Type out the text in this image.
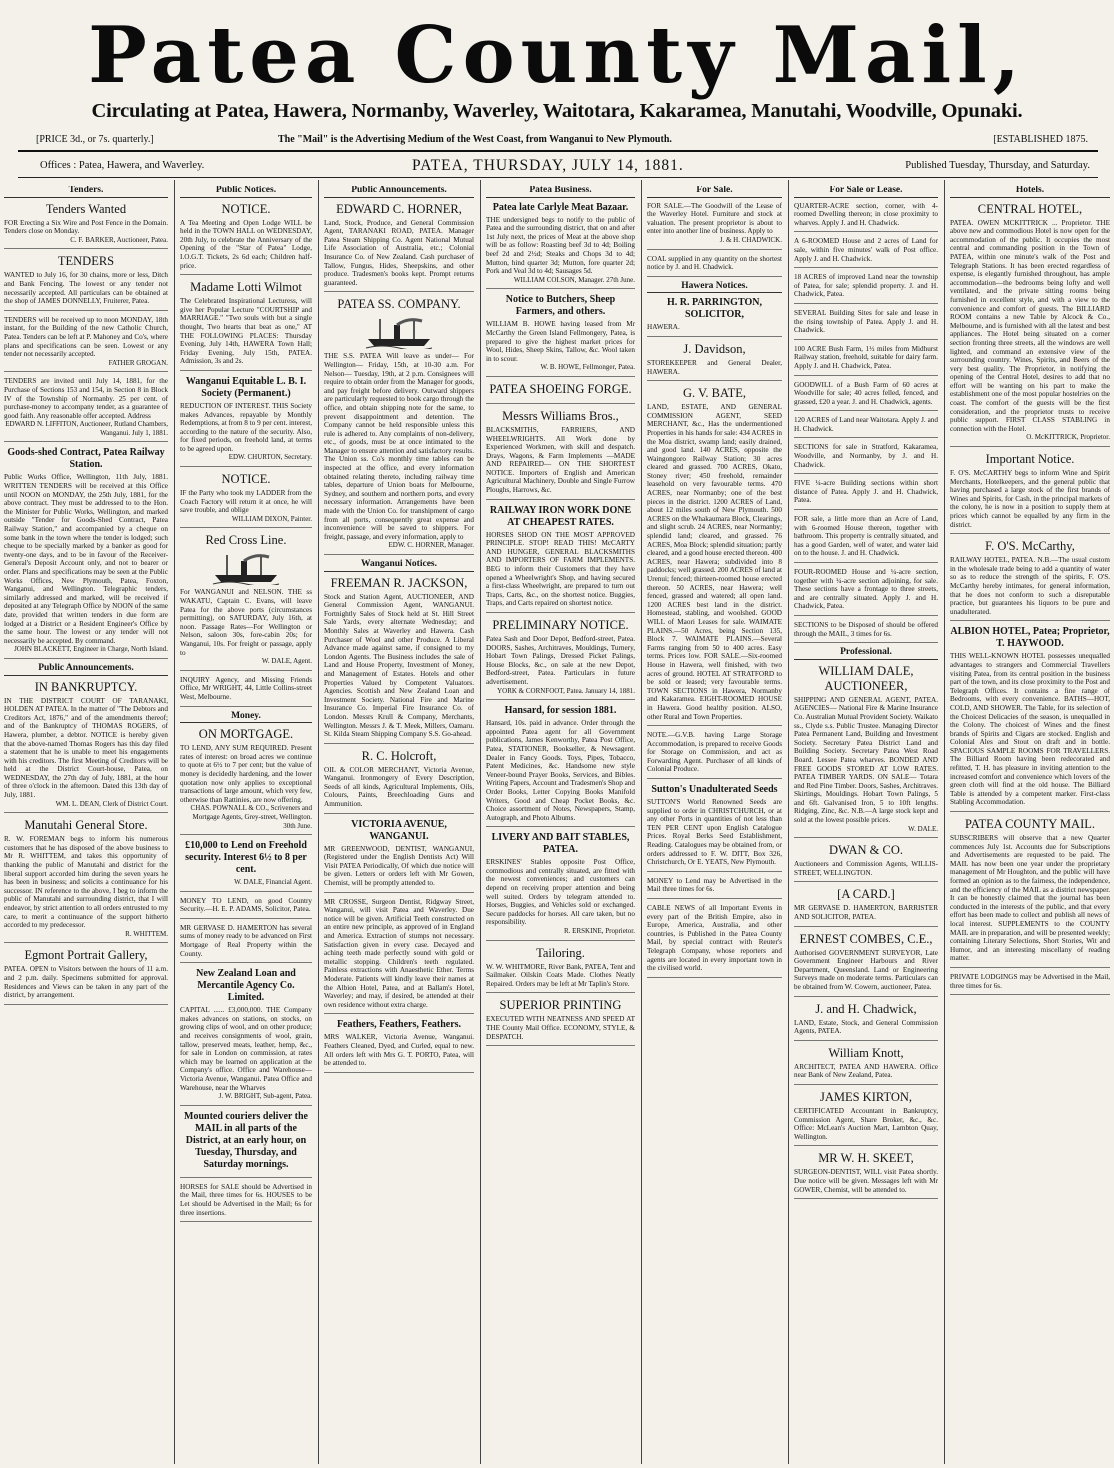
Patea County Mail,
Circulating at Patea, Hawera, Normanby, Waverley, Waitotara, Kakaramea, Manutahi, Woodville, Opunaki.
[PRICE 3d., or 7s. quarterly.]	The "Mail" is the Advertising Medium of the West Coast, from Wanganui to New Plymouth.	[ESTABLISHED 1875.
Offices : Patea, Hawera, and Waverley.	PATEA, THURSDAY, JULY 14, 1881.	Published Tuesday, Thursday, and Saturday.
Tenders.
Tenders Wanted
FOR Erecting a Six Wire and Post Fence in the Domain. Tenders close on Monday.
C. F. BARKER, Auctioneer, Patea.
TENDERS
WANTED to July 16, for 30 chains, more or less, Ditch and Bank Fencing. The lowest or any tender not necessarily accepted. All particulars can be obtained at the shop of JAMES DONNELLY, Fruiterer, Patea.
TENDERS will be received up to noon MONDAY, 18th instant, for the Building of the new Catholic Church, Patea. Tenders can be left at P. Mahoney and Co's, where plans and specifications can be seen. Lowest or any tender not necessarily accepted.
FATHER GROGAN.
TENDERS are invited until July 14, 1881, for the Purchase of Sections 153 and 154, in Section 8 in Block IV of the Township of Normanby. 25 per cent. of purchase-money to accompany tender, as a guarantee of good faith. Any reasonable offer accepted. Address
EDWARD N. LIFFITON, Auctioneer, Rutland Chambers, Wanganui. July 1, 1881.
Goods-shed Contract, Patea Railway Station.
Public Works Office, Wellington, 11th July, 1881. WRITTEN TENDERS will be received at this Office until NOON on MONDAY, the 25th July, 1881, for the above contract. They must be addressed to to the Hon. the Minister for Public Works, Wellington, and marked outside "Tender for Goods-Shed Contract, Patea Railway Station," and accompanied by a cheque on some bank in the town where the tender is lodged; such cheque to be specially marked by a banker as good for twenty-one days, and to be in favour of the Receiver-General's Deposit Account only, and not to bearer or order. Plans and specifications may be seen at the Public Works Offices, New Plymouth, Patea, Foxton, Wanganui, and Wellington. Telegraphic tenders, similarly addressed and marked, will be received if deposited at any Telegraph Office by NOON of the same date, provided that written tenders in due form are lodged at a District or a Resident Engineer's Office by the same hour. The lowest or any tender will not necessarily be accepted. By command.
JOHN BLACKETT, Engineer in Charge, North Island.
Public Announcements.
IN BANKRUPTCY.
IN THE DISTRICT COURT OF TARANAKI, HOLDEN AT PATEA. In the matter of "The Debtors and Creditors Act, 1876," and of the amendments thereof; and of the Bankruptcy of THOMAS ROGERS, of Hawera, plumber, a debtor. NOTICE is hereby given that the above-named Thomas Rogers has this day filed a statement that he is unable to meet his engagements with his creditors. The first Meeting of Creditors will be held at the District Court-house, Patea, on WEDNESDAY, the 27th day of July, 1881, at the hour of three o'clock in the afternoon. Dated this 13th day of July, 1881.
WM. L. DEAN, Clerk of District Court.
Manutahi General Store.
R. W. FOREMAN begs to inform his numerous customers that he has disposed of the above business to Mr R. WHITTEM, and takes this opportunity of thanking the public of Manutahi and district for the liberal support accorded him during the seven years he has been in business; and solicits a continuance for his successor. IN reference to the above, I beg to inform the public of Manutahi and surrounding district, that I will endeavor, by strict attention to all orders entrusted to my care, to merit a continuance of the support hitherto accorded to my predecessor.
R. WHITTEM.
Egmont Portrait Gallery,
PATEA. OPEN to Visitors between the hours of 11 a.m. and 2 p.m. daily. Specimens submitted for approval. Residences and Views can be taken in any part of the district, by arrangement.
Public Notices.
NOTICE.
A Tea Meeting and Open Lodge WILL be held in the TOWN HALL on WEDNESDAY, 20th July, to celebrate the Anniversary of the Opening of the "Star of Patea" Lodge, I.O.G.T. Tickets, 2s 6d each; Children half-price.
Madame Lotti Wilmot
The Celebrated Inspirational Lecturess, will give her Popular Lecture "COURTSHIP and MARRIAGE." "Two souls with but a single thought, Two hearts that beat as one," AT THE FOLLOWING PLACES: Thursday Evening, July 14th, HAWERA Town Hall; Friday Evening, July 15th, PATEA. Admission, 3s and 2s.
Wanganui Equitable L. B. I. Society (Permanent.)
REDUCTION OF INTEREST. THIS Society makes Advances, repayable by Monthly Redemptions, at from 8 to 9 per cent. interest, according to the nature of the security. Also, for fixed periods, on freehold land, at terms to be agreed upon.
EDW. CHURTON, Secretary.
NOTICE.
IF the Party who took my LADDER from the Coach Factory will return it at once, he will save trouble, and oblige
WILLIAM DIXON, Painter.
Red Cross Line.
For WANGANUI and NELSON. THE ss WAKATU, Captain C. Evans, will leave Patea for the above ports (circumstances permitting), on SATURDAY, July 16th, at noon. Passage Rates—For Wellington or Nelson, saloon 30s, fore-cabin 20s; for Wanganui, 10s. For freight or passage, apply to
W. DALE, Agent.
INQUIRY Agency, and Missing Friends Office, Mr WRIGHT, 44, Little Collins-street West, Melbourne.
Money.
ON MORTGAGE.
TO LEND, ANY SUM REQUIRED. Present rates of interest: on broad acres we continue to quote at 6½ to 7 per cent; but the value of money is decidedly hardening, and the lower quotation now only applies to exceptional transactions of large amount, which very few, otherwise than Rattinies, are now offering.
CHAS. POWNALL & CO., Scriveners and Mortgage Agents, Grey-street, Wellington. 30th June.
£10,000 to Lend on Freehold security. Interest 6½ to 8 per cent.
W. DALE, Financial Agent.
MONEY TO LEND, on good Country Security.—H. E. P. ADAMS, Solicitor, Patea.
MR GERVASE D. HAMERTON has several sums of money ready to be advanced on First Mortgage of Real Property within the County.
New Zealand Loan and Mercantile Agency Co. Limited.
CAPITAL ...... £3,000,000. THE Company makes advances on stations, on stocks, on growing clips of wool, and on other produce; and receives consignments of wool, grain, tallow, preserved meats, leather, hemp, &c., for sale in London on commission, at rates which may be learned on application at the Company's office. Office and Warehouse—Victoria Avenue, Wanganui. Patea Office and Warehouse, near the Wharves
J. W. BRIGHT, Sub-agent, Patea.
Mounted couriers deliver the MAIL in all parts of the District, at an early hour, on Tuesday, Thursday, and Saturday mornings.
HORSES for SALE should be Advertised in the Mail, three times for 6s. HOUSES to be Let should be Advertised in the Mail; 6s for three insertions.
Public Announcements.
EDWARD C. HORNER,
Land, Stock, Produce, and General Commission Agent, TARANAKI ROAD, PATEA. Manager Patea Steam Shipping Co. Agent National Mutual Life Association of Australia, etc.; Colonial Insurance Co. of New Zealand. Cash purchaser of Tallow, Fungus, Hides, Sheepskins, and other produce. Tradesmen's books kept. Prompt returns guaranteed.
PATEA SS. COMPANY.
THE S.S. PATEA Will leave as under— For Wellington— Friday, 15th, at 10-30 a.m. For Nelson— Tuesday, 19th, at 2 p.m. Consignees will require to obtain order from the Manager for goods, and pay freight before delivery. Outward shippers are particularly requested to book cargo through the office, and obtain shipping note for the same, to prevent disappointment and detention. The Company cannot be held responsible unless this rule is adhered to. Any complaints of non-delivery, etc., of goods, must be at once intimated to the Manager to ensure attention and satisfactory results. The Union ss. Co's monthly time tables can be inspected at the office, and every information obtained relating thereto, including railway time tables, departure of Union boats for Melbourne, Sydney, and southern and northern ports, and every necessary information. Arrangements have been made with the Union Co. for transhipment of cargo from all ports, consequently great expense and inconvenience will be saved to shippers. For freight, passage, and every information, apply to
EDW. C. HORNER, Manager.
Wanganui Notices.
FREEMAN R. JACKSON,
Stock and Station Agent, AUCTIONEER, AND General Commission Agent, WANGANUI. Fortnightly Sales of Stock held at St. Hill Street Sale Yards, every alternate Wednesday; and Monthly Sales at Waverley and Hawera. Cash Purchaser of Wool and other Produce. A Liberal Advance made against same, if consigned to my London Agents. The Business includes the sale of Land and House Property, Investment of Money, and Management of Estates. Hotels and other Properties Valued by Competent Valuators. Agencies. Scottish and New Zealand Loan and Investment Society. National Fire and Marine Insurance Co. Imperial Fire Insurance Co. of London. Messrs Krull & Company, Merchants, Wellington. Messrs J. & T. Meek, Millers, Oamaru. St. Kilda Steam Shipping Company S.S. Go-ahead.
R. C. Holcroft,
OIL & COLOR MERCHANT, Victoria Avenue, Wanganui. Ironmongery of Every Description, Seeds of all kinds, Agricultural Implements, Oils, Colours, Paints, Breechloading Guns and Ammunition.
VICTORIA AVENUE, WANGANUI.
MR GREENWOOD, DENTIST, WANGANUI, (Registered under the English Dentists Act) Will Visit PATEA Periodically, Of which due notice will be given. Letters or orders left with Mr Gowen, Chemist, will be promptly attended to.
MR CROSSE, Surgeon Dentist, Ridgway Street, Wanganui, will visit Patea and Waverley. Due notice will be given. Artificial Teeth constructed on an entire new principle, as approved of in England and America. Extraction of stumps not necessary. Satisfaction given in every case. Decayed and aching teeth made perfectly sound with gold or metallic stopping. Children's teeth regulated. Painless extractions with Anaesthetic Ether. Terms Moderate. Patients will kindly leave their names at the Albion Hotel, Patea, and at Ballam's Hotel, Waverley; and may, if desired, be attended at their own residence without extra charge.
Feathers, Feathers, Feathers.
MRS WALKER, Victoria Avenue, Wanganui. Feathers Cleaned, Dyed, and Curled, equal to new. All orders left with Mrs G. T. PORTO, Patea, will be attended to.
Patea Business.
Patea late Carlyle Meat Bazaar.
THE undersigned begs to notify to the public of Patea and the surrounding district, that on and after 1st July next, the prices of Meat at the above shop will be as follow: Roasting beef 3d to 4d; Boiling beef 2d and 2½d; Steaks and Chops 3d to 4d; Mutton, hind quarter 3d; Mutton, fore quarter 2d; Pork and Veal 3d to 4d; Sausages 5d.
WILLIAM COLSON, Manager. 27th June.
Notice to Butchers, Sheep Farmers, and others.
WILLIAM B. HOWE having leased from Mr McCarthy the Green Island Fellmongery, Patea, is prepared to give the highest market prices for Wool, Hides, Sheep Skins, Tallow, &c. Wool taken in to scour.
W. B. HOWE, Fellmonger, Patea.
PATEA SHOEING FORGE.
Messrs Williams Bros.,
BLACKSMITHS, FARRIERS, AND WHEELWRIGHTS. All Work done by Experienced Workmen, with skill and despatch. Drays, Wagons, & Farm Implements —MADE AND REPAIRED— ON THE SHORTEST NOTICE. Importers of English and American Agricultural Machinery, Double and Single Furrow Ploughs, Harrows, &c.
RAILWAY IRON WORK DONE AT CHEAPEST RATES.
HORSES SHOD ON THE MOST APPROVED PRINCIPLE. STOP! READ THIS! McCARTY AND HUNGER, GENERAL BLACKSMITHS AND IMPORTERS OF FARM IMPLEMENTS. BEG to inform their Customers that they have opened a Wheelwright's Shop, and having secured a first-class Wheelwright, are prepared to turn out Traps, Carts, &c., on the shortest notice. Buggies, Traps, and Carts repaired on shortest notice.
PRELIMINARY NOTICE.
Patea Sash and Door Depot, Bedford-street, Patea. DOORS, Sashes, Architraves, Mouldings, Turnery, Hobart Town Palings, Dressed Picket Palings, House Blocks, &c., on sale at the new Depot, Bedford-street, Patea. Particulars in future advertisement.
YORK & CORNFOOT, Patea. January 14, 1881.
Hansard, for session 1881.
Hansard, 10s. paid in advance. Order through the appointed Patea agent for all Government publications, James Kenworthy, Patea Post Office, Patea, STATIONER, Bookseller, & Newsagent. Dealer in Fancy Goods. Toys, Pipes, Tobacco, Patent Medicines, &c. Handsome new style Veneer-bound Prayer Books, Services, and Bibles. Writing Papers, Account and Tradesmen's Shop and Order Books, Letter Copying Books Manifold Writers, Good and Cheap Pocket Books, &c. Choice assortment of Notes, Newspapers, Stamp, Autograph, and Photo Albums.
LIVERY AND BAIT STABLES, PATEA.
ERSKINES' Stables opposite Post Office, commodious and centrally situated, are fitted with the newest conveniences; and customers can depend on receiving proper attention and being well suited. Orders by telegram attended to. Horses, Buggies, and Vehicles sold or exchanged. Secure paddocks for horses. All care taken, but no responsibility.
R. ERSKINE, Proprietor.
Tailoring.
W. W. WHITMORE, River Bank, PATEA, Tent and Sailmaker. Oilskin Coats Made. Clothes Neatly Repaired. Orders may be left at Mr Taplin's Store.
SUPERIOR PRINTING
EXECUTED WITH NEATNESS AND SPEED AT THE County Mail Office. ECONOMY, STYLE, & DESPATCH.
For Sale.
FOR SALE.—The Goodwill of the Lease of the Waverley Hotel. Furniture and stock at valuation. The present proprietor is about to enter into another line of business. Apply to
J. & H. CHADWICK.
COAL supplied in any quantity on the shortest notice by J. and H. Chadwick.
Hawera Notices.
H. R. PARRINGTON, SOLICITOR,
HAWERA.
J. Davidson,
STOREKEEPER and General Dealer, HAWERA.
G. V. BATE,
LAND, ESTATE, AND GENERAL COMMISSION AGENT, SEED MERCHANT, &c., Has the undermentioned Properties in his hands for sale: 434 ACRES in the Moa district, swamp land; easily drained, and good land. 140 ACRES, opposite the Waingongoro Railway Station; 30 acres cleared and grassed. 700 ACRES, Okato, Stoney river; 450 freehold, remainder leasehold on very favourable terms. 470 ACRES, near Normanby; one of the best pieces in the district. 1200 ACRES of Land, about 12 miles south of New Plymouth. 500 ACRES on the Whakaumara Block, Clearings, and slight scrub. 24 ACRES, near Normanby; splendid land; cleared, and grassed. 76 ACRES, Moa Block; splendid situation; partly cleared, and a good house erected thereon. 400 ACRES, near Hawera; subdivided into 8 paddocks; well grassed. 200 ACRES of land at Urenui; fenced; thirteen-roomed house erected thereon. 50 ACRES, near Hawera; well fenced, grassed and watered; all open land. 1200 ACRES best land in the district. Homestead, stabling, and woolshed. GOOD WILL of Maori Leases for sale. WAIMATE PLAINS.—50 Acres, being Section 135, Block 7. WAIMATE PLAINS.—Several Farms ranging from 50 to 400 acres. Easy terms. Prices low. FOR SALE.—Six-roomed House in Hawera, well finished, with two acres of ground. HOTEL AT STRATFORD to be sold or leased; very favourable terms. TOWN SECTIONS in Hawera, Normanby and Kakaramea. EIGHT-ROOMED HOUSE in Hawera. Good healthy position. ALSO, other Rural and Town Properties.
NOTE.—G.V.B. having Large Storage Accommodation, is prepared to receive Goods for Storage on Commission, and act as Forwarding Agent. Purchaser of all kinds of Colonial Produce.
Sutton's Unadulterated Seeds
SUTTON'S World Renowned Seeds are supplied to order in CHRISTCHURCH, or at any other Ports in quantities of not less than TEN PER CENT upon English Catalogue Prices. Royal Berks Seed Establishment, Reading. Catalogues may be obtained from, or orders addressed to F. W. DITT, Box 326, Christchurch, Or E. YEATS, New Plymouth.
MONEY to Lend may be Advertised in the Mail three times for 6s.
CABLE NEWS of all Important Events in every part of the British Empire, also in Europe, America, Australia, and other countries, is Published in the Patea County Mail, by special contract with Reuter's Telegraph Company, whose reporters and agents are located in every important town in the civilised world.
For Sale or Lease.
QUARTER-ACRE section, corner, with 4-roomed Dwelling thereon; in close proximity to wharves. Apply J. and H. Chadwick.
A 6-ROOMED House and 2 acres of Land for sale, within five minutes' walk of Post office. Apply J. and H. Chadwick.
18 ACRES of improved Land near the township of Patea, for sale; splendid property. J. and H. Chadwick, Patea.
SEVERAL Building Sites for sale and lease in the rising township of Patea. Apply J. and H. Chadwick.
100 ACRE Bush Farm, 1½ miles from Midhurst Railway station, freehold, suitable for dairy farm. Apply J. and H. Chadwick, Patea.
GOODWILL of a Bush Farm of 60 acres at Woodville for sale; 40 acres felled, fenced, and grassed, £20 a year. J. and H. Chadwick, agents.
120 ACRES of Land near Waitotara. Apply J. and H. Chadwick.
SECTIONS for sale in Stratford, Kakaramea, Woodville, and Normanby, by J. and H. Chadwick.
FIVE ¼-acre Building sections within short distance of Patea. Apply J. and H. Chadwick, Patea.
FOR sale, a little more than an Acre of Land, with 6-roomed House thereon, together with bathroom. This property is centrally situated, and has a good Garden, well of water, and water laid on to the house. J. and H. Chadwick.
FOUR-ROOMED House and ¼-acre section, together with ¼-acre section adjoining, for sale. These sections have a frontage to three streets, and are centrally situated. Apply J. and H. Chadwick, Patea.
SECTIONS to be Disposed of should be offered through the MAIL, 3 times for 6s.
Professional.
WILLIAM DALE, AUCTIONEER,
SHIPPING AND GENERAL AGENT, PATEA. AGENCIES— National Fire & Marine Insurance Co. Australian Mutual Provident Society. Waikato ss., Clyde s.s. Public Trustee. Managing Director Patea Permanent Land, Building and Investment Society. Secretary Patea District Land and Building Society. Secretary Patea West Road Board. Lessee Patea wharves. BONDED AND FREE GOODS STORED AT LOW RATES. PATEA TIMBER YARDS. ON SALE— Totara and Red Pine Timber. Doors, Sashes, Architraves. Skirtings, Mouldings. Hobart Town Palings, 5 and 6ft. Galvanised Iron, 5 to 10ft lengths. Ridging, Zinc, &c. N.B.—A large stock kept and sold at the lowest possible prices.
W. DALE.
DWAN & CO.
Auctioneers and Commission Agents, WILLIS-STREET, WELLINGTON.
[A CARD.]
MR GERVASE D. HAMERTON, BARRISTER AND SOLICITOR, PATEA.
ERNEST COMBES, C.E.,
Authorised GOVERNMENT SURVEYOR, Late Government Engineer Harbours and River Department, Queensland. Land or Engineering Surveys made on moderate terms. Particulars can be obtained from W. Cowern, auctioneer, Patea.
J. and H. Chadwick,
LAND, Estate, Stock, and General Commission Agents, PATEA.
William Knott,
ARCHITECT, PATEA AND HAWERA. Office near Bank of New Zealand, Patea.
JAMES KIRTON,
CERTIFICATED Accountant in Bankruptcy, Commission Agent, Share Broker, &c., &c. Office: McLean's Auction Mart, Lambton Quay, Wellington.
MR W. H. SKEET,
SURGEON-DENTIST, WILL visit Patea shortly. Due notice will be given. Messages left with Mr GOWER, Chemist, will be attended to.
Hotels.
CENTRAL HOTEL,
PATEA. OWEN MCKITTRICK ... Proprietor. THE above new and commodious Hotel is now open for the accommodation of the public. It occupies the most central and commanding position in the Town of PATEA, within one minute's walk of the Post and Telegraph Stations. It has been erected regardless of expense, is elegantly furnished throughout, has ample accommodation—the bedrooms being lofty and well ventilated, and the private sitting rooms being furnished in excellent style, and with a view to the convenience and comfort of guests. The BILLIARD ROOM contains a new Table by Alcock & Co., Melbourne, and is furnished with all the latest and best appliances. The Hotel being situated on a corner section fronting three streets, all the windows are well lighted, and command an extensive view of the surrounding country. Wines, Spirits, and Beers of the very best quality. The Proprietor, in notifying the opening of the Central Hotel, desires to add that no effort will be wanting on his part to make the establishment one of the most popular hostelries on the coast. The comfort of the guests will be the first consideration, and the proprietor trusts to receive public support. FIRST CLASS STABLING in connection with the Hotel.
O. McKITTRICK, Proprietor.
Important Notice.
F. O'S. McCARTHY begs to inform Wine and Spirit Merchants, Hotelkeepers, and the general public that having purchased a large stock of the first brands of Wines and Spirits, for Cash, in the principal markets of the colony, he is now in a position to supply them at prices which cannot be equalled by any firm in the district.
F. O'S. McCarthy,
RAILWAY HOTEL, PATEA. N.B.—The usual custom in the wholesale trade being to add a quantity of water so as to reduce the strength of the spirits, F. O'S. McCarthy hereby intimates, for general information, that he does not conform to such a disreputable practice, but guarantees his liquors to be pure and unadulterated.
ALBION HOTEL, Patea; Proprietor, T. HAYWOOD.
THIS WELL-KNOWN HOTEL possesses unequalled advantages to strangers and Commercial Travellers visiting Patea, from its central position in the business part of the town, and its close proximity to the Post and Telegraph Offices. It contains a fine range of Bedrooms, with every convenience. BATHS—HOT, COLD, AND SHOWER. The Table, for its selection of the Choicest Delicacies of the season, is unequalled in the Colony. The choicest of Wines and the finest brands of Spirits and Cigars are stocked. English and Colonial Ales and Stout on draft and in bottle. SPACIOUS SAMPLE ROOMS FOR TRAVELLERS. The Billiard Room having been redecorated and refitted, T. H. has pleasure in inviting attention to the increased comfort and convenience which lovers of the green cloth will find at the old house. The Billiard Table is attended by a competent marker. First-class Stabling Accommodation.
PATEA COUNTY MAIL.
SUBSCRIBERS will observe that a new Quarter commences July 1st. Accounts due for Subscriptions and Advertisements are requested to be paid. The MAIL has now been one year under the proprietary management of Mr Houghton, and the public will have formed an opinion as to the fairness, the independence, and the efficiency of the MAIL as a district newspaper. It can be honestly claimed that the journal has been conducted in the interests of the public, and that every effort has been made to collect and publish all news of local interest. SUPPLEMENTS to the COUNTY MAIL are in preparation, and will be presented weekly; containing Literary Selections, Short Stories, Wit and Humor, and an interesting miscellany of reading matter.
PRIVATE LODGINGS may be Advertised in the Mail, three times for 6s.
